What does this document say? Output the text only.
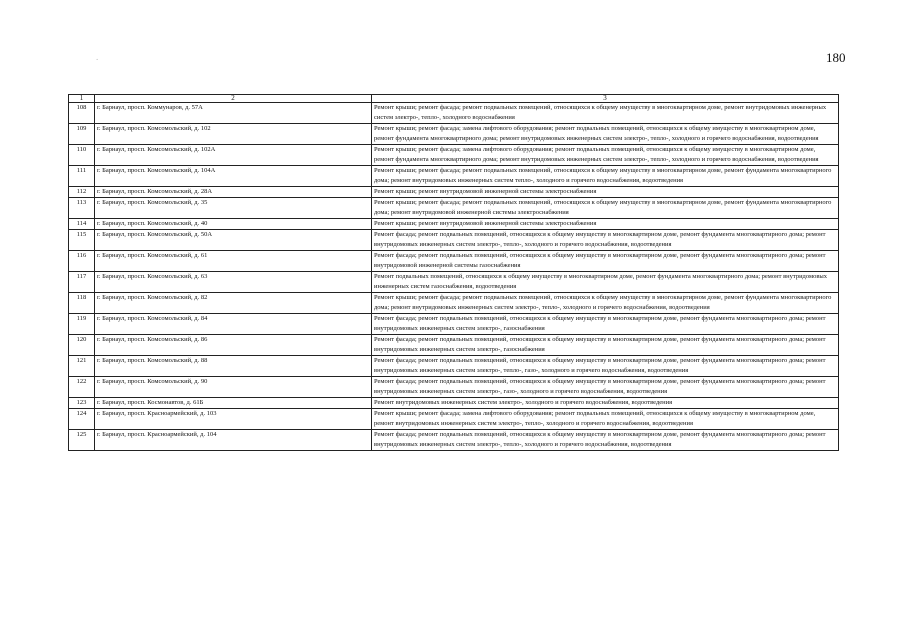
180
.
1	2	3
108	г. Барнаул, просп. Коммунаров, д. 57А	Ремонт крыши; ремонт фасада; ремонт подвальных помещений, относящихся к общему имуществу в многоквартирном доме, ремонт внутридомовых инженерных систем электро-, тепло-, холодного водоснабжения
109	г. Барнаул, просп. Комсомольский, д. 102	Ремонт крыши; ремонт фасада; замена лифтового оборудования; ремонт подвальных помещений, относящихся к общему имуществу в многоквартирном доме, ремонт фундамента многоквартирного дома; ремонт внутридомовых инженерных систем электро-, тепло-, холодного и горячего водоснабжения, водоотведения
110	г. Барнаул, просп. Комсомольский, д. 102А	Ремонт крыши; ремонт фасада; замена лифтового оборудования; ремонт подвальных помещений, относящихся к общему имуществу в многоквартирном доме, ремонт фундамента многоквартирного дома; ремонт внутридомовых инженерных систем электро-, тепло-, холодного и горячего водоснабжения, водоотведения
111	г. Барнаул, просп. Комсомольский, д. 104А	Ремонт крыши; ремонт фасада; ремонт подвальных помещений, относящихся к общему имуществу в многоквартирном доме, ремонт фундамента многоквартирного дома; ремонт внутридомовых инженерных систем тепло-, холодного и горячего водоснабжения, водоотведения
112	г. Барнаул, просп. Комсомольский, д. 28А	Ремонт крыши; ремонт внутридомовой инженерной системы электроснабжения
113	г. Барнаул, просп. Комсомольский, д. 35	Ремонт крыши; ремонт фасада; ремонт подвальных помещений, относящихся к общему имуществу в многоквартирном доме, ремонт фундамента многоквартирного дома; ремонт внутридомовой инженерной системы электроснабжения
114	г. Барнаул, просп. Комсомольский, д. 40	Ремонт крыши; ремонт внутридомовой инженерной системы электроснабжения
115	г. Барнаул, просп. Комсомольский, д. 50А	Ремонт фасада; ремонт подвальных помещений, относящихся к общему имуществу в многоквартирном доме, ремонт фундамента многоквартирного дома; ремонт внутридомовых инженерных систем электро-, тепло-, холодного и горячего водоснабжения, водоотведения
116	г. Барнаул, просп. Комсомольский, д. 61	Ремонт фасада; ремонт подвальных помещений, относящихся к общему имуществу в многоквартирном доме, ремонт фундамента многоквартирного дома; ремонт внутридомовой инженерной системы газоснабжения
117	г. Барнаул, просп. Комсомольский, д. 63	Ремонт подвальных помещений, относящихся к общему имуществу в многоквартирном доме, ремонт фундамента многоквартирного дома; ремонт внутридомовых инженерных систем газоснабжения, водоотведения
118	г. Барнаул, просп. Комсомольский, д. 82	Ремонт крыши; ремонт фасада; ремонт подвальных помещений, относящихся к общему имуществу в многоквартирном доме, ремонт фундамента многоквартирного дома; ремонт внутридомовых инженерных систем электро-, тепло-, холодного и горячего водоснабжения, водоотведения
119	г. Барнаул, просп. Комсомольский, д. 84	Ремонт фасада; ремонт подвальных помещений, относящихся к общему имуществу в многоквартирном доме, ремонт фундамента многоквартирного дома; ремонт внутридомовых инженерных систем электро-, газоснабжения
120	г. Барнаул, просп. Комсомольский, д. 86	Ремонт фасада; ремонт подвальных помещений, относящихся к общему имуществу в многоквартирном доме, ремонт фундамента многоквартирного дома; ремонт внутридомовых инженерных систем электро-, газоснабжения
121	г. Барнаул, просп. Комсомольский, д. 88	Ремонт фасада; ремонт подвальных помещений, относящихся к общему имуществу в многоквартирном доме, ремонт фундамента многоквартирного дома; ремонт внутридомовых инженерных систем электро-, тепло-, газо-, холодного и горячего водоснабжения, водоотведения
122	г. Барнаул, просп. Комсомольский, д. 90	Ремонт фасада; ремонт подвальных помещений, относящихся к общему имуществу в многоквартирном доме, ремонт фундамента многоквартирного дома; ремонт внутридомовых инженерных систем электро-, газо-, холодного и горячего водоснабжения, водоотведения
123	г. Барнаул, просп. Космонавтов, д. 61Б	Ремонт внутридомовых инженерных систем электро-, холодного и горячего водоснабжения, водоотведения
124	г. Барнаул, просп. Красноармейский, д. 103	Ремонт крыши; ремонт фасада; замена лифтового оборудования; ремонт подвальных помещений, относящихся к общему имуществу в многоквартирном доме, ремонт внутридомовых инженерных систем электро-, тепло-, холодного и горячего водоснабжения, водоотведения
125	г. Барнаул, просп. Красноармейский, д. 104	Ремонт фасада; ремонт подвальных помещений, относящихся к общему имуществу в многоквартирном доме, ремонт фундамента многоквартирного дома; ремонт внутридомовых инженерных систем электро-, тепло-, холодного и горячего водоснабжения, водоотведения
